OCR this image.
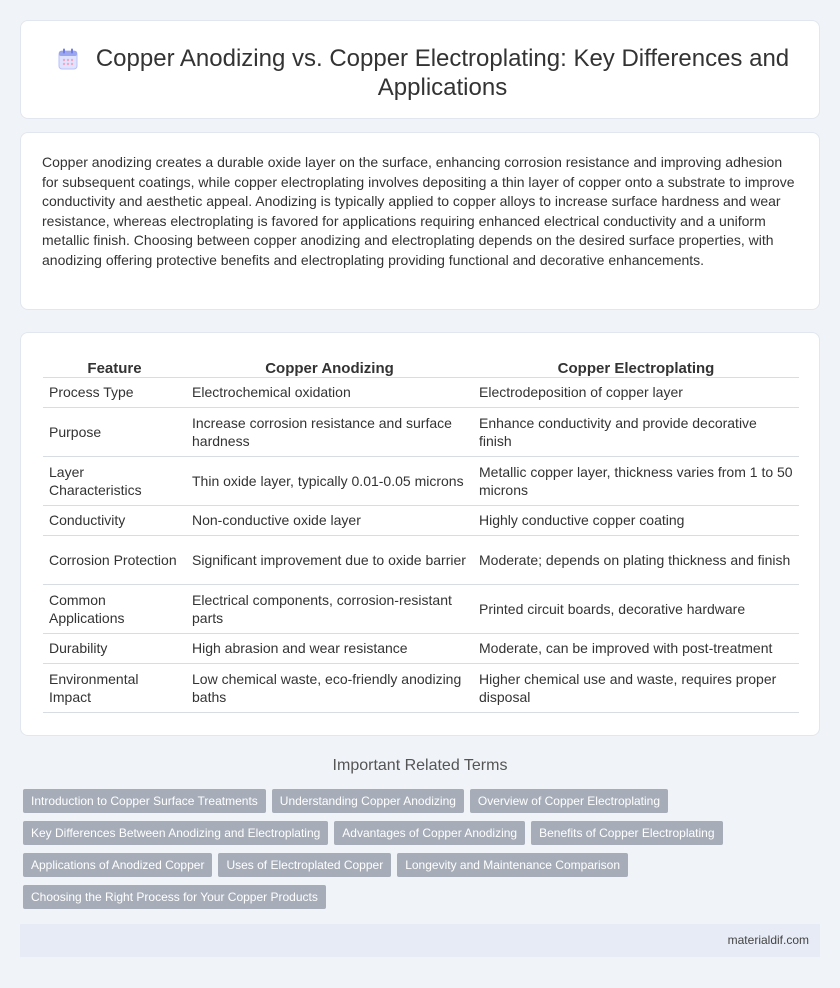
Copper Anodizing vs. Copper Electroplating: Key Differences and Applications

Copper anodizing creates a durable oxide layer on the surface, enhancing corrosion resistance and improving adhesion for subsequent coatings, while copper electroplating involves depositing a thin layer of copper onto a substrate to improve conductivity and aesthetic appeal. Anodizing is typically applied to copper alloys to increase surface hardness and wear resistance, whereas electroplating is favored for applications requiring enhanced electrical conductivity and a uniform metallic finish. Choosing between copper anodizing and electroplating depends on the desired surface properties, with anodizing offering protective benefits and electroplating providing functional and decorative enhancements.

Feature	Copper Anodizing	Copper Electroplating
Process Type	Electrochemical oxidation	Electrodeposition of copper layer
Purpose	Increase corrosion resistance and surface hardness	Enhance conductivity and provide decorative finish
Layer Characteristics	Thin oxide layer, typically 0.01-0.05 microns	Metallic copper layer, thickness varies from 1 to 50 microns
Conductivity	Non-conductive oxide layer	Highly conductive copper coating
Corrosion Protection	Significant improvement due to oxide barrier	Moderate; depends on plating thickness and finish
Common Applications	Electrical components, corrosion-resistant parts	Printed circuit boards, decorative hardware
Durability	High abrasion and wear resistance	Moderate, can be improved with post-treatment
Environmental Impact	Low chemical waste, eco-friendly anodizing baths	Higher chemical use and waste, requires proper disposal
Important Related Terms
Introduction to Copper Surface Treatments	Understanding Copper Anodizing	Overview of Copper Electroplating
Key Differences Between Anodizing and Electroplating	Advantages of Copper Anodizing	Benefits of Copper Electroplating
Applications of Anodized Copper	Uses of Electroplated Copper	Longevity and Maintenance Comparison
Choosing the Right Process for Your Copper Products
materialdif.com
